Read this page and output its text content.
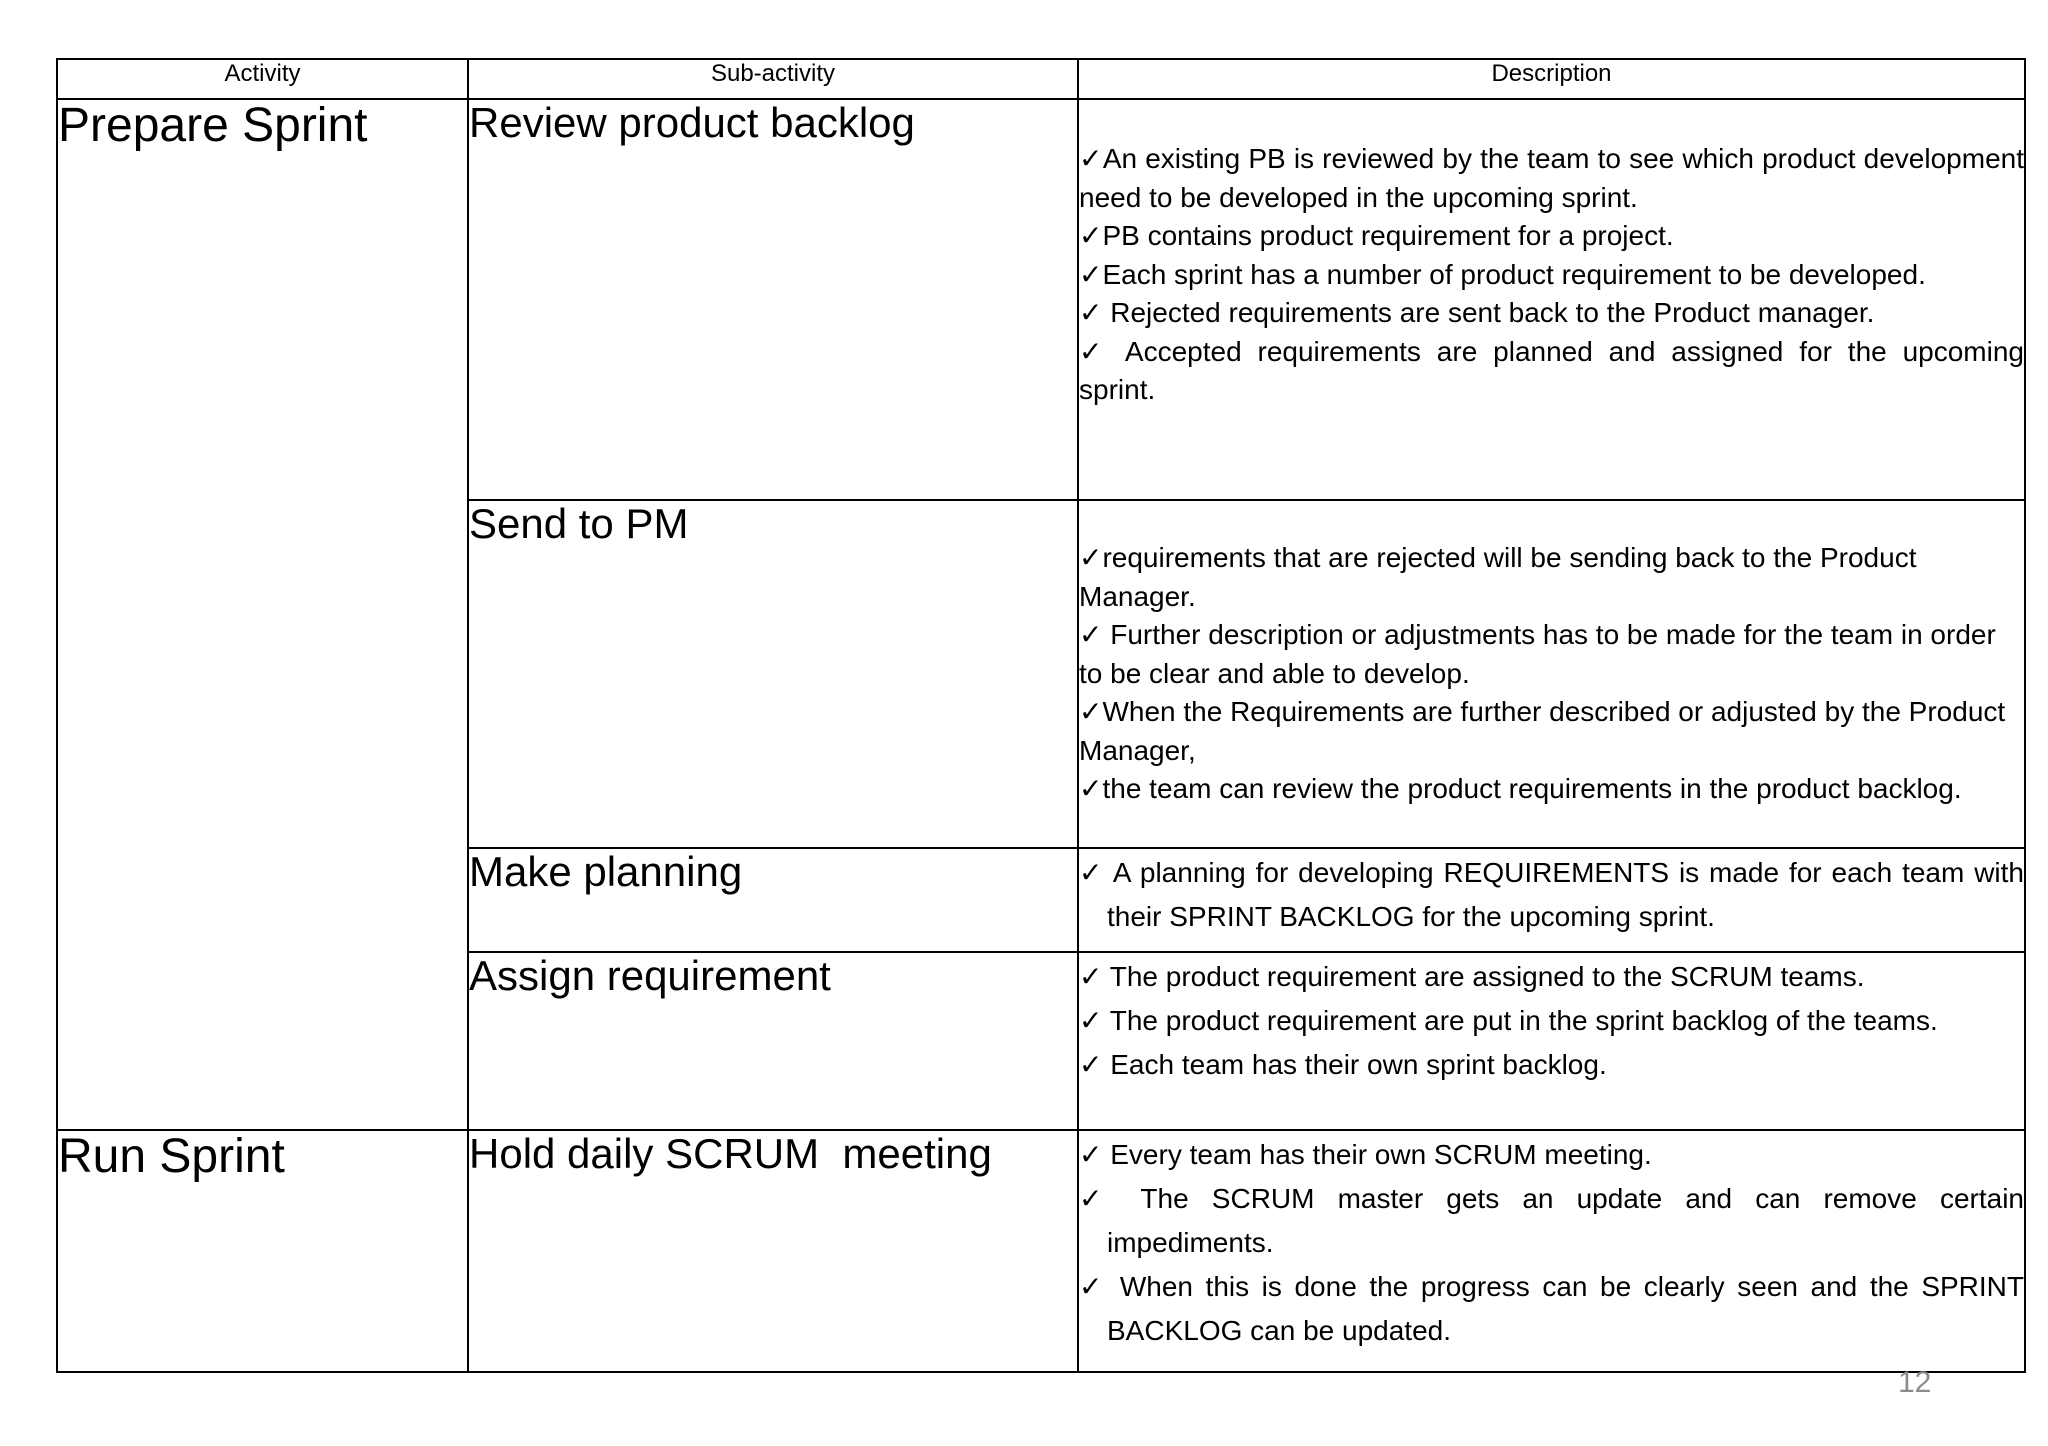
Activity	Sub-activity	Description
Prepare Sprint	Review product backlog	✓An existing PB is reviewed by the team to see which product development need to be developed in the upcoming sprint.

✓PB contains product requirement for a project.

✓Each sprint has a number of product requirement to be developed.

✓ Rejected requirements are sent back to the Product manager.

✓ Accepted requirements are planned and assigned for the upcoming sprint.

	Send to PM	✓requirements that are rejected will be sending back to the Product Manager.

✓ Further description or adjustments has to be made for the team in order to be clear and able to develop.

✓When the Requirements are further described or adjusted by the Product Manager,

✓the team can review the product requirements in the product backlog.

	Make planning	✓ A planning for developing REQUIREMENTS is made for each team with their SPRINT BACKLOG for the upcoming sprint.

	Assign requirement	✓ The product requirement are assigned to the SCRUM teams.

✓ The product requirement are put in the sprint backlog of the teams.

✓ Each team has their own sprint backlog.

Run Sprint	Hold daily SCRUM  meeting	✓ Every team has their own SCRUM meeting.

✓ The SCRUM master gets an update and can remove certain impediments.

✓ When this is done the progress can be clearly seen and the SPRINT BACKLOG can be updated.

12
